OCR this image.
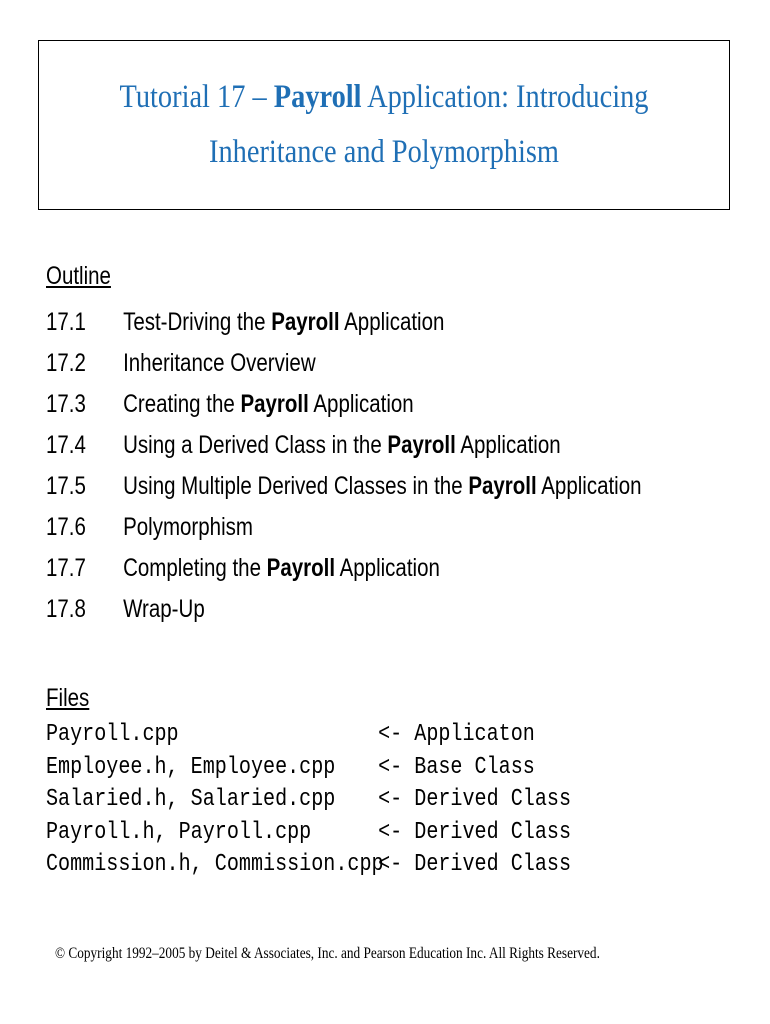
Tutorial 17 – Payroll Application: Introducing Inheritance and Polymorphism
Outline
17.1 Test-Driving the Payroll Application
17.2 Inheritance Overview
17.3 Creating the Payroll Application
17.4 Using a Derived Class in the Payroll Application
17.5 Using Multiple Derived Classes in the Payroll Application
17.6 Polymorphism
17.7 Completing the Payroll Application
17.8 Wrap-Up
Files
Payroll.cpp	<- Applicaton
Employee.h, Employee.cpp <- Base Class
Salaried.h, Salaried.cpp <- Derived Class
Payroll.h, Payroll.cpp	<- Derived Class
Commission.h, Commission.cpp
<- Derived Class
© Copyright 1992–2005 by Deitel & Associates, Inc. and Pearson Education Inc. All Rights Reserved.
